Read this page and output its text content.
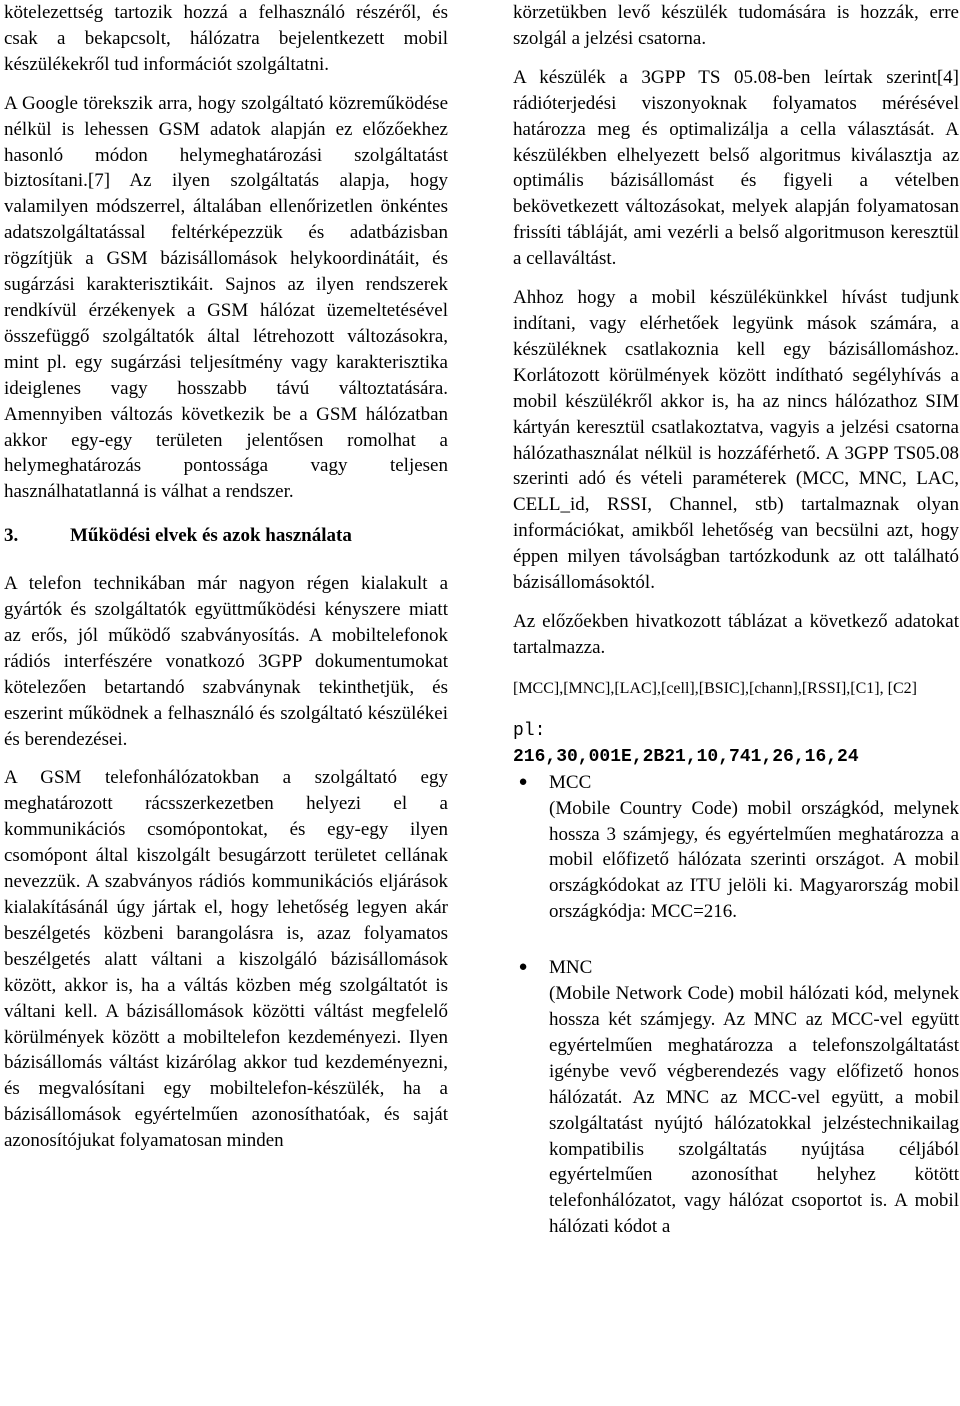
kötelezettség tartozik hozzá a felhasználó részéről, és csak a bekapcsolt, hálózatra bejelentkezett mobil készülékekről tud információt szolgáltatni.

A Google törekszik arra, hogy szolgáltató közreműködése nélkül is lehessen GSM adatok alapján ez előzőekhez hasonló módon helymeghatározási szolgáltatást biztosítani.[7] Az ilyen szolgáltatás alapja, hogy valamilyen módszerrel, általában ellenőrizetlen önkéntes adatszolgáltatással feltérképezzük és adatbázisban rögzítjük a GSM bázisállomások helykoordinátáit, és sugárzási karakterisztikáit. Sajnos az ilyen rendszerek rendkívül érzékenyek a GSM hálózat üzemeltetésével összefüggő szolgáltatók által létrehozott változásokra, mint pl. egy sugárzási teljesítmény vagy karakterisztika ideiglenes vagy hosszabb távú változtatására. Amennyiben változás következik be a GSM hálózatban akkor egy-egy területen jelentősen romolhat a helymeghatározás pontossága vagy teljesen használhatatlanná is válhat a rendszer.

3.	Működési elvek és azok használata

A telefon technikában már nagyon régen kialakult a gyártók és szolgáltatók együttműködési kényszere miatt az erős, jól működő szabványosítás. A mobiltelefonok rádiós interfészére vonatkozó 3GPP dokumentumokat kötelezően betartandó szabványnak tekinthetjük, és eszerint működnek a felhasználó és szolgáltató készülékei és berendezései.

A GSM telefonhálózatokban a szolgáltató egy meghatározott rácsszerkezetben helyezi el a kommunikációs csomópontokat, és egy-egy ilyen csomópont által kiszolgált besugárzott területet cellának nevezzük. A szabványos rádiós kommunikációs eljárások kialakításánál úgy jártak el, hogy lehetőség legyen akár beszélgetés közbeni barangolásra is, azaz folyamatos beszélgetés alatt váltani a kiszolgáló bázisállomások között, akkor is, ha a váltás közben még szolgáltatót is váltani kell. A bázisállomások közötti váltást megfelelő körülmények között a mobiltelefon kezdeményezi. Ilyen bázisállomás váltást kizárólag akkor tud kezdeményezni, és megvalósítani egy mobiltelefon-készülék, ha a bázisállomások egyértelműen azonosíthatóak, és saját azonosítójukat folyamatosan minden

körzetükben levő készülék tudomására is hozzák, erre szolgál a jelzési csatorna.

A készülék a 3GPP TS 05.08-ben leírtak szerint[4] rádióterjedési viszonyoknak folyamatos mérésével határozza meg és optimalizálja a cella választását. A készülékben elhelyezett belső algoritmus kiválasztja az optimális bázisállomást és figyeli a vételben bekövetkezett változásokat, melyek alapján folyamatosan frissíti tábláját, ami vezérli a belső algoritmuson keresztül a cellaváltást.

Ahhoz hogy a mobil készülékünkkel hívást tudjunk indítani, vagy elérhetőek legyünk mások számára, a készüléknek csatlakoznia kell egy bázisállomáshoz. Korlátozott körülmények között indítható segélyhívás a mobil készülékről akkor is, ha az nincs hálózathoz SIM kártyán keresztül csatlakoztatva, vagyis a jelzési csatorna hálózathasználat nélkül is hozzáférhető. A 3GPP TS05.08 szerinti adó és vételi paraméterek (MCC, MNC, LAC, CELL_id, RSSI, Channel, stb) tartalmaznak olyan információkat, amikből lehetőség van becsülni azt, hogy éppen milyen távolságban tartózkodunk az ott található bázisállomásoktól.

Az előzőekben hivatkozott táblázat a következő adatokat tartalmazza.

[MCC],[MNC],[LAC],[cell],[BSIC],[chann],[RSSI],[C1], [C2]

pl:
216,30,001E,2B21,10,741,26,16,24
● MCC
(Mobile Country Code) mobil országkód, melynek hossza 3 számjegy, és egyértelműen meghatározza a mobil előfizető hálózata szerinti országot. A mobil országkódokat az ITU jelöli ki. Magyarország mobil országkódja: MCC=216.
● MNC
(Mobile Network Code) mobil hálózati kód, melynek hossza két számjegy. Az MNC az MCC-vel együtt egyértelműen meghatározza a telefonszolgáltatást igénybe vevő végberendezés vagy előfizető honos hálózatát. Az MNC az MCC-vel együtt, a mobil szolgáltatást nyújtó hálózatokkal jelzéstechnikailag kompatibilis szolgáltatás nyújtása céljából egyértelműen azonosíthat helyhez kötött telefonhálózatot, vagy hálózat csoportot is. A mobil hálózati kódot a
